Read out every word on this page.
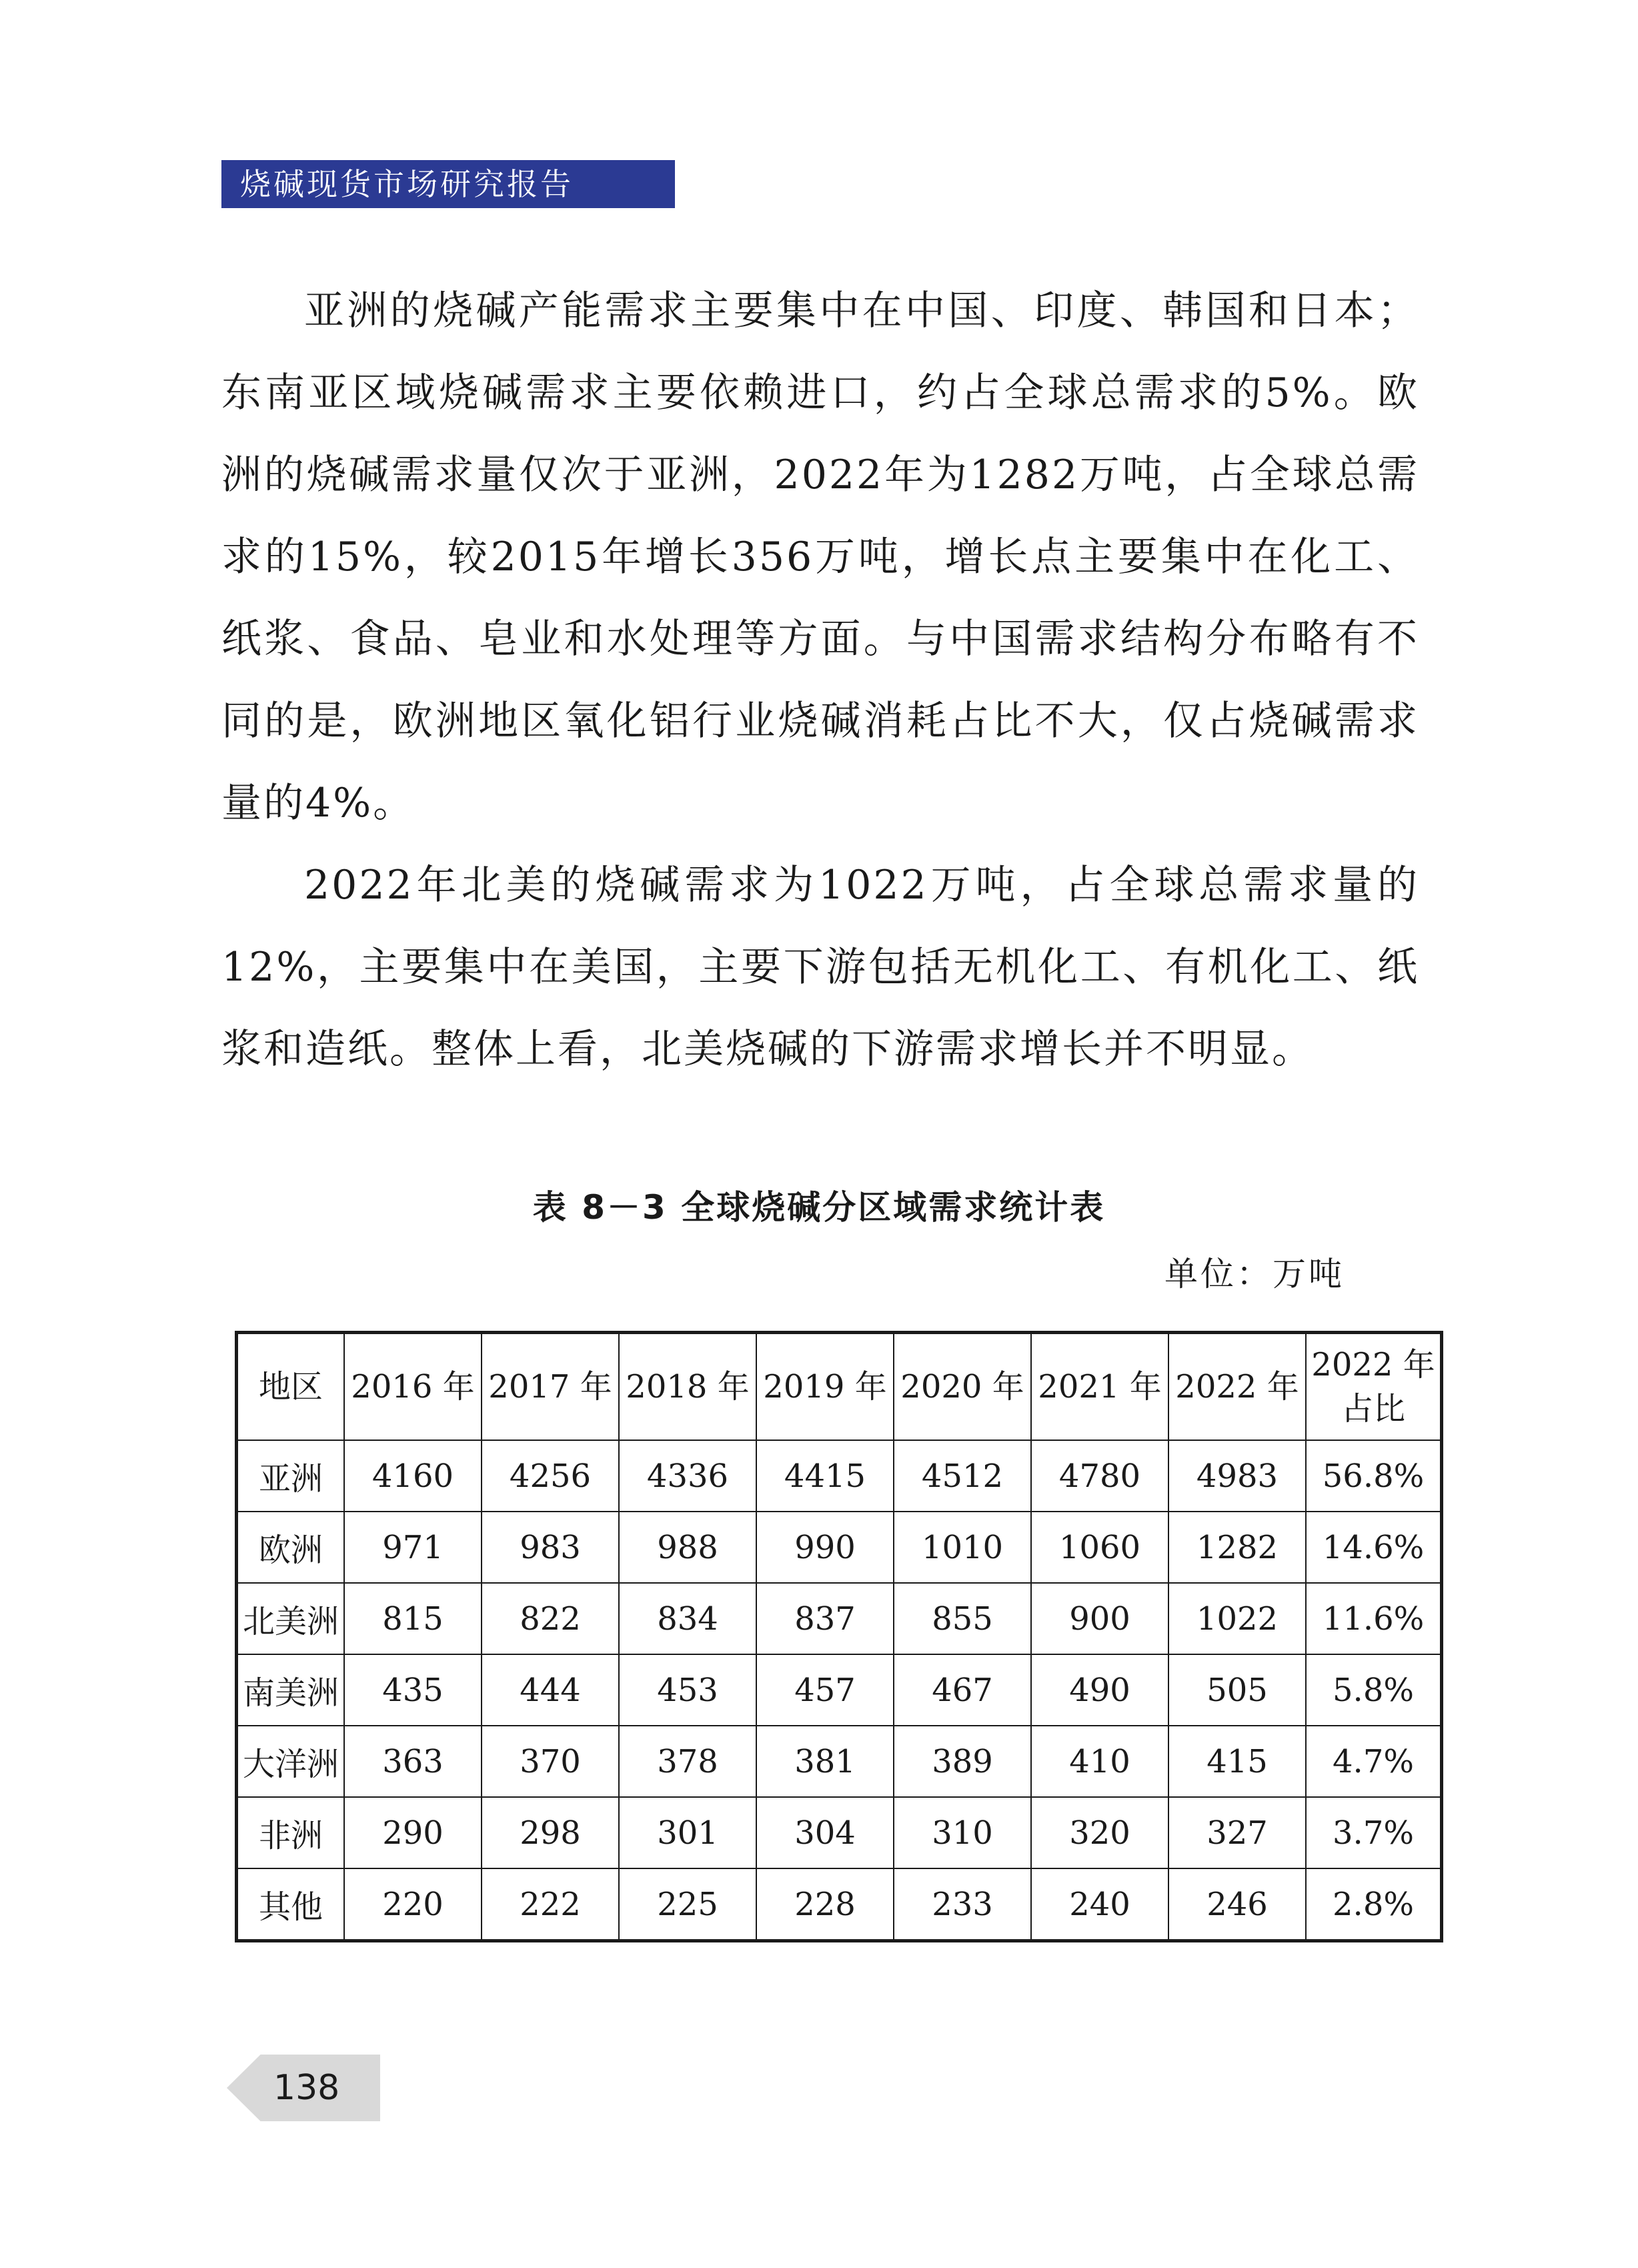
烧碱现货市场研究报告

亚洲的烧碱产能需求主要集中在中国、印度、韩国和日本；东南亚区域烧碱需求主要依赖进口，约占全球总需求的5%。欧洲的烧碱需求量仅次于亚洲，2022年为1282万吨，占全球总需求的15%，较2015年增长356万吨，增长点主要集中在化工、纸浆、食品、皂业和水处理等方面。与中国需求结构分布略有不同的是，欧洲地区氧化铝行业烧碱消耗占比不大，仅占烧碱需求量的4%。

2022年北美的烧碱需求为1022万吨，占全球总需求量的12%，主要集中在美国，主要下游包括无机化工、有机化工、纸浆和造纸。整体上看，北美烧碱的下游需求增长并不明显。

表 8－3 全球烧碱分区域需求统计表
单位：万吨
地区	2016 年	2017 年	2018 年	2019 年	2020 年	2021 年	2022 年	2022 年占比
亚洲	4160	4256	4336	4415	4512	4780	4983	56.8%
欧洲	971	983	988	990	1010	1060	1282	14.6%
北美洲	815	822	834	837	855	900	1022	11.6%
南美洲	435	444	453	457	467	490	505	5.8%
大洋洲	363	370	378	381	389	410	415	4.7%
非洲	290	298	301	304	310	320	327	3.7%
其他	220	222	225	228	233	240	246	2.8%
138
